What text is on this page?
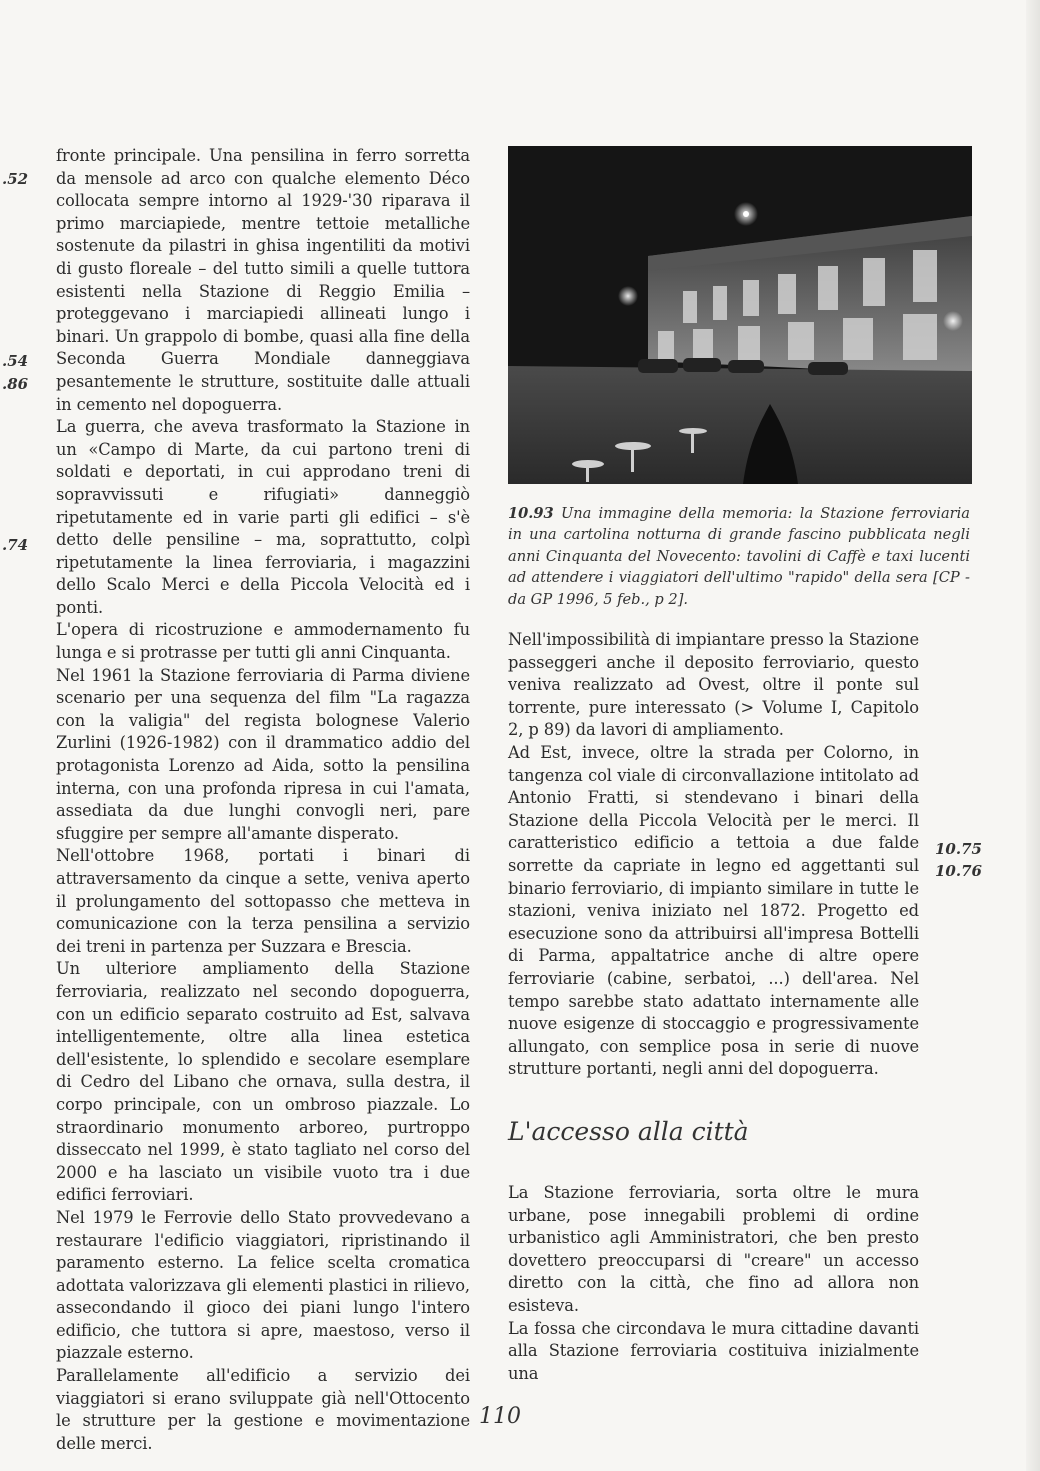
.52
.54
.86
.74

fronte principale. Una pensilina in ferro sorretta da mensole ad arco con qualche elemento Déco collocata sempre intorno al 1929-'30 riparava il primo marciapiede, mentre tettoie metalliche sostenute da pilastri in ghisa ingentiliti da motivi di gusto floreale – del tutto simili a quelle tuttora esistenti nella Stazione di Reggio Emilia – proteggevano i marciapiedi allineati lungo i binari. Un grappolo di bombe, quasi alla fine della Seconda Guerra Mondiale danneggiava pesantemente le strutture, sostituite dalle attuali in cemento nel dopoguerra.

La guerra, che aveva trasformato la Stazione in un «Campo di Marte, da cui partono treni di soldati e deportati, in cui approdano treni di sopravvissuti e rifugiati» danneggiò ripetutamente ed in varie parti gli edifici – s'è detto delle pensiline – ma, soprattutto, colpì ripetutamente la linea ferroviaria, i magazzini dello Scalo Merci e della Piccola Velocità ed i ponti.

L'opera di ricostruzione e ammodernamento fu lunga e si protrasse per tutti gli anni Cinquanta.

Nel 1961 la Stazione ferroviaria di Parma diviene scenario per una sequenza del film "La ragazza con la valigia" del regista bolognese Valerio Zurlini (1926-1982) con il drammatico addio del protagonista Lorenzo ad Aida, sotto la pensilina interna, con una profonda ripresa in cui l'amata, assediata da due lunghi convogli neri, pare sfuggire per sempre all'amante disperato.

Nell'ottobre 1968, portati i binari di attraversamento da cinque a sette, veniva aperto il prolungamento del sottopasso che metteva in comunicazione con la terza pensilina a servizio dei treni in partenza per Suzzara e Brescia.

Un ulteriore ampliamento della Stazione ferroviaria, realizzato nel secondo dopoguerra, con un edificio separato costruito ad Est, salvava intelligentemente, oltre alla linea estetica dell'esistente, lo splendido e secolare esemplare di Cedro del Libano che ornava, sulla destra, il corpo principale, con un ombroso piazzale. Lo straordinario monumento arboreo, purtroppo disseccato nel 1999, è stato tagliato nel corso del 2000 e ha lasciato un visibile vuoto tra i due edifici ferroviari.

Nel 1979 le Ferrovie dello Stato provvedevano a restaurare l'edificio viaggiatori, ripristinando il paramento esterno. La felice scelta cromatica adottata valorizzava gli elementi plastici in rilievo, assecondando il gioco dei piani lungo l'intero edificio, che tuttora si apre, maestoso, verso il piazzale esterno.

Parallelamente all'edificio a servizio dei viaggiatori si erano sviluppate già nell'Ottocento le strutture per la gestione e movimentazione delle merci.

10.93 Una immagine della memoria: la Stazione ferroviaria in una cartolina notturna di grande fascino pubblicata negli anni Cinquanta del Novecento: tavolini di Caffè e taxi lucenti ad attendere i viaggiatori dell'ultimo "rapido" della sera [CP - da GP 1996, 5 feb., p 2].

Nell'impossibilità di impiantare presso la Stazione passeggeri anche il deposito ferroviario, questo veniva realizzato ad Ovest, oltre il ponte sul torrente, pure interessato (> Volume I, Capitolo 2, p 89) da lavori di ampliamento.

Ad Est, invece, oltre la strada per Colorno, in tangenza col viale di circonvallazione intitolato ad Antonio Fratti, si stendevano i binari della Stazione della Piccola Velocità per le merci. Il caratteristico edificio a tettoia a due falde sorrette da capriate in legno ed aggettanti sul binario ferroviario, di impianto similare in tutte le stazioni, veniva iniziato nel 1872. Progetto ed esecuzione sono da attribuirsi all'impresa Bottelli di Parma, appaltatrice anche di altre opere ferroviarie (cabine, serbatoi, ...) dell'area. Nel tempo sarebbe stato adattato internamente alle nuove esigenze di stoccaggio e progressivamente allungato, con semplice posa in serie di nuove strutture portanti, negli anni del dopoguerra.

10.75
10.76
L'accesso alla città

La Stazione ferroviaria, sorta oltre le mura urbane, pose innegabili problemi di ordine urbanistico agli Amministratori, che ben presto dovettero preoccuparsi di "creare" un accesso diretto con la città, che fino ad allora non esisteva.

La fossa che circondava le mura cittadine davanti alla Stazione ferroviaria costituiva inizialmente una

110
